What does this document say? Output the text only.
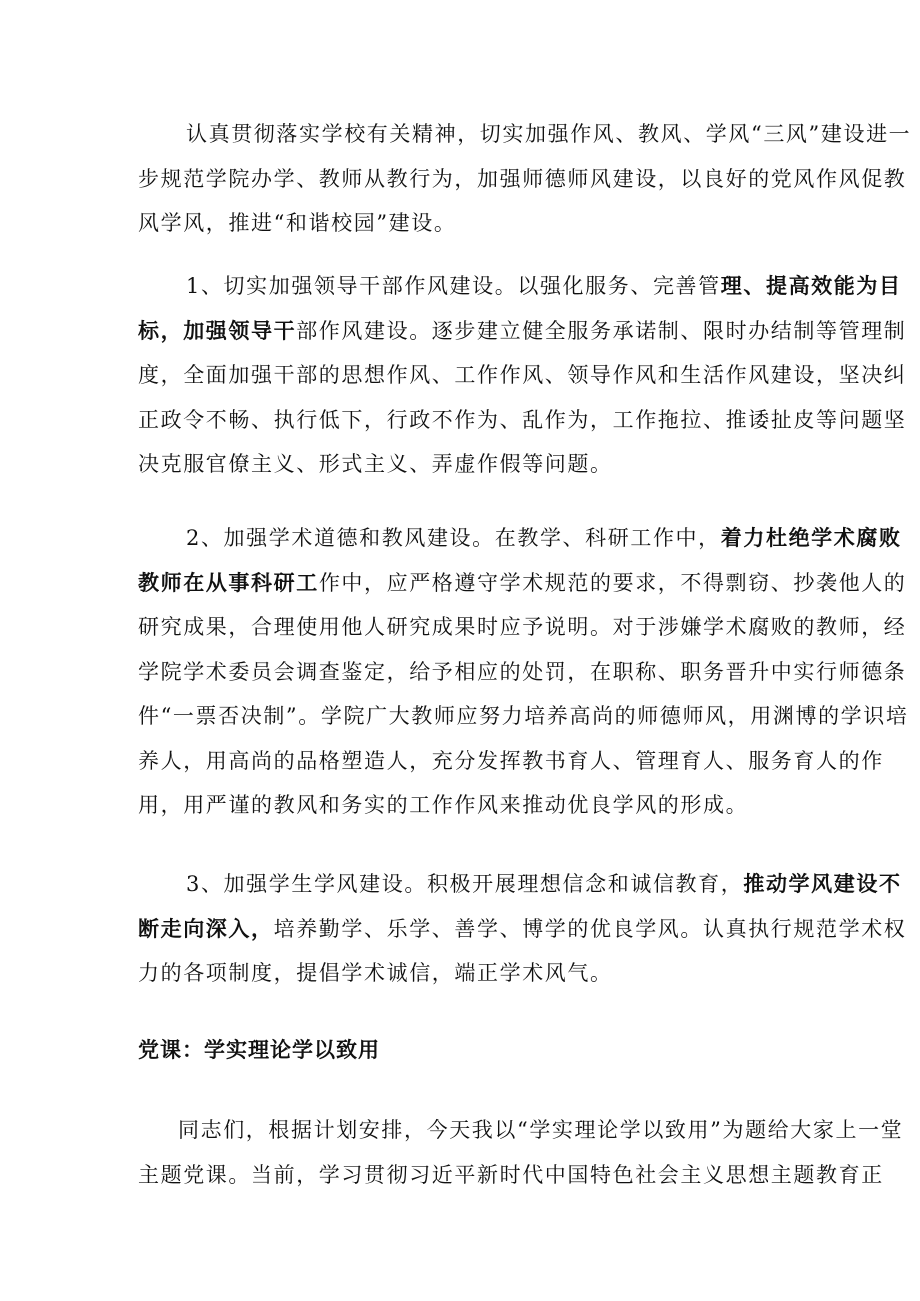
认真贯彻落实学校有关精神，切实加强作风、教风、学风“三风”建设进一步规范学院办学、教师从教行为，加强师德师风建设，以良好的党风作风促教风学风，推进“和谐校园”建设。

1、切实加强领导干部作风建设。以强化服务、完善管理、提高效能为目标，加强领导干部作风建设。逐步建立健全服务承诺制、限时办结制等管理制度，全面加强干部的思想作风、工作作风、领导作风和生活作风建设，坚决纠正政令不畅、执行低下，行政不作为、乱作为，工作拖拉、推诿扯皮等问题坚决克服官僚主义、形式主义、弄虚作假等问题。

2、加强学术道德和教风建设。在教学、科研工作中，着力杜绝学术腐败教师在从事科研工作中，应严格遵守学术规范的要求，不得剽窃、抄袭他人的研究成果，合理使用他人研究成果时应予说明。对于涉嫌学术腐败的教师，经学院学术委员会调查鉴定，给予相应的处罚，在职称、职务晋升中实行师德条件“一票否决制”。学院广大教师应努力培养高尚的师德师风，用渊博的学识培养人，用高尚的品格塑造人，充分发挥教书育人、管理育人、服务育人的作用，用严谨的教风和务实的工作作风来推动优良学风的形成。

3、加强学生学风建设。积极开展理想信念和诚信教育，推动学风建设不断走向深入，培养勤学、乐学、善学、博学的优良学风。认真执行规范学术权力的各项制度，提倡学术诚信，端正学术风气。

党课：学实理论学以致用

同志们，根据计划安排，今天我以“学实理论学以致用”为题给大家上一堂主题党课。当前，学习贯彻习近平新时代中国特色社会主义思想主题教育正
